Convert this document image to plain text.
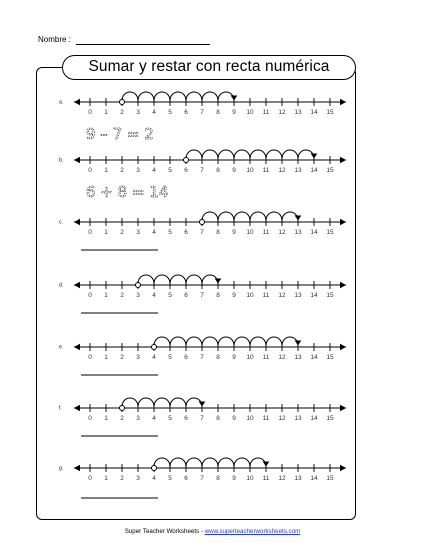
Nombre :
Sumar y restar con recta numérica
a.
0 1 2 3 4 5 6 7 8 9 10 11 12 13 14 15
9 – 7 = 2
b.
0 1 2 3 4 5 6 7 8 9 10 11 12 13 14 15
6 + 8 = 14
c.
0 1 2 3 4 5 6 7 8 9 10 11 12 13 14 15
d.
0 1 2 3 4 5 6 7 8 9 10 11 12 13 14 15
e.
0 1 2 3 4 5 6 7 8 9 10 11 12 13 14 15
f.
0 1 2 3 4 5 6 7 8 9 10 11 12 13 14 15
g.
0 1 2 3 4 5 6 7 8 9 10 11 12 13 14 15
Super Teacher Worksheets - www.superteacherworksheets.com
